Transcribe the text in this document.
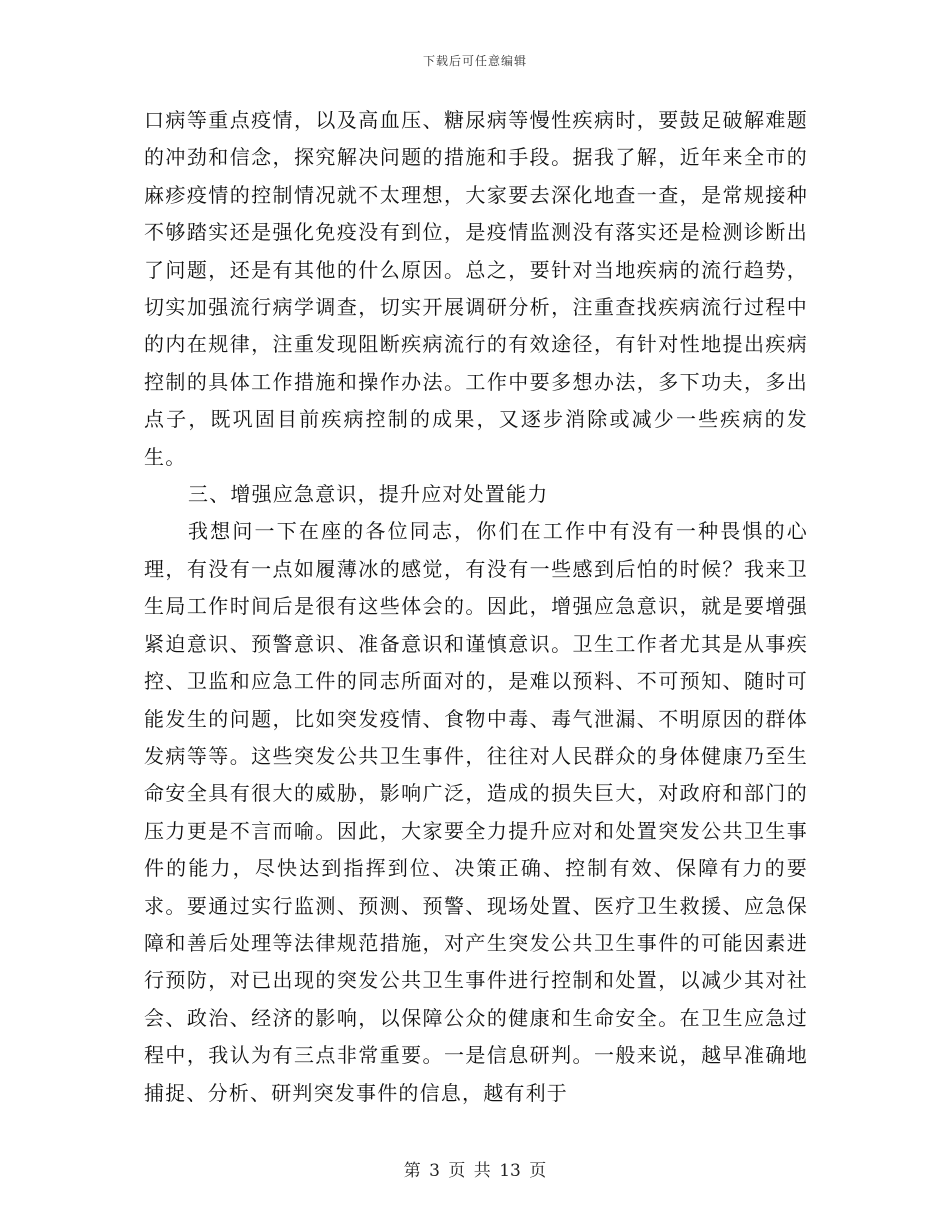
下载后可任意编辑

口病等重点疫情，以及高血压、糖尿病等慢性疾病时，要鼓足破解难题的冲劲和信念，探究解决问题的措施和手段。据我了解，近年来全市的麻疹疫情的控制情况就不太理想，大家要去深化地查一查，是常规接种不够踏实还是强化免疫没有到位，是疫情监测没有落实还是检测诊断出了问题，还是有其他的什么原因。总之，要针对当地疾病的流行趋势，切实加强流行病学调查，切实开展调研分析，注重查找疾病流行过程中的内在规律，注重发现阻断疾病流行的有效途径，有针对性地提出疾病控制的具体工作措施和操作办法。工作中要多想办法，多下功夫，多出点子，既巩固目前疾病控制的成果，又逐步消除或减少一些疾病的发生。

三、增强应急意识，提升应对处置能力

我想问一下在座的各位同志，你们在工作中有没有一种畏惧的心理，有没有一点如履薄冰的感觉，有没有一些感到后怕的时候？我来卫生局工作时间后是很有这些体会的。因此，增强应急意识，就是要增强紧迫意识、预警意识、准备意识和谨慎意识。卫生工作者尤其是从事疾控、卫监和应急工件的同志所面对的，是难以预料、不可预知、随时可能发生的问题，比如突发疫情、食物中毒、毒气泄漏、不明原因的群体发病等等。这些突发公共卫生事件，往往对人民群众的身体健康乃至生命安全具有很大的威胁，影响广泛，造成的损失巨大，对政府和部门的压力更是不言而喻。因此，大家要全力提升应对和处置突发公共卫生事件的能力，尽快达到指挥到位、决策正确、控制有效、保障有力的要求。要通过实行监测、预测、预警、现场处置、医疗卫生救援、应急保障和善后处理等法律规范措施，对产生突发公共卫生事件的可能因素进行预防，对已出现的突发公共卫生事件进行控制和处置，以减少其对社会、政治、经济的影响，以保障公众的健康和生命安全。在卫生应急过程中，我认为有三点非常重要。一是信息研判。一般来说，越早准确地捕捉、分析、研判突发事件的信息，越有利于

第 3 页 共 13 页
